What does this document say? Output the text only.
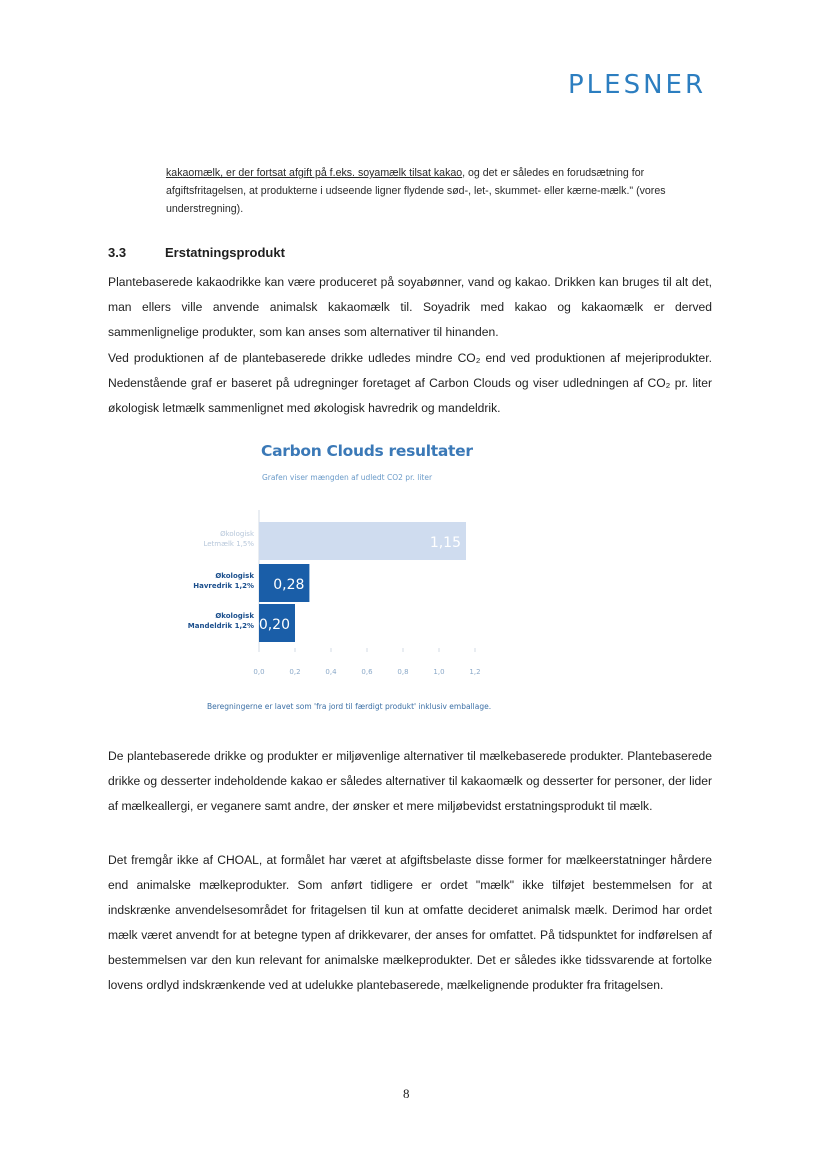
PLESNER
kakaomælk, er der fortsat afgift på f.eks. soyamælk tilsat kakao, og det er således en forudsætning for afgiftsfritagelsen, at produkterne i udseende ligner flydende sød-, let-, skummet- eller kærne-mælk." (vores understregning).
3.3	Erstatningsprodukt
Plantebaserede kakaodrikke kan være produceret på soyabønner, vand og kakao. Drikken kan bruges til alt det, man ellers ville anvende animalsk kakaomælk til. Soyadrik med kakao og kakaomælk er derved sammenlignelige produkter, som kan anses som alternativer til hinanden.
Ved produktionen af de plantebaserede drikke udledes mindre CO₂ end ved produktionen af mejeriprodukter. Nedenstående graf er baseret på udregninger foretaget af Carbon Clouds og viser udledningen af CO₂ pr. liter økologisk letmælk sammenlignet med økologisk havredrik og mandeldrik.
Carbon Clouds resultater
Grafen viser mængden af udledt CO2 pr. liter
1,15
Økologisk
Letmælk 1,5%
0,28
Økologisk
Havredrik 1,2%
0,20
Økologisk
Mandeldrik 1,2%
0,0	0,2	0,4	0,6	0,8	1,0	1,2
Beregningerne er lavet som 'fra jord til færdigt produkt' inklusiv emballage.
De plantebaserede drikke og produkter er miljøvenlige alternativer til mælkebaserede produkter. Plantebaserede drikke og desserter indeholdende kakao er således alternativer til kakaomælk og desserter for personer, der lider af mælkeallergi, er veganere samt andre, der ønsker et mere miljøbevidst erstatningsprodukt til mælk.
Det fremgår ikke af CHOAL, at formålet har været at afgiftsbelaste disse former for mælkeerstatninger hårdere end animalske mælkeprodukter. Som anført tidligere er ordet "mælk" ikke tilføjet bestemmelsen for at indskrænke anvendelsesområdet for fritagelsen til kun at omfatte decideret animalsk mælk. Derimod har ordet mælk været anvendt for at betegne typen af drikkevarer, der anses for omfattet. På tidspunktet for indførelsen af bestemmelsen var den kun relevant for animalske mælkeprodukter. Det er således ikke tidssvarende at fortolke lovens ordlyd indskrænkende ved at udelukke plantebaserede, mælkelignende produkter fra fritagelsen.
8
